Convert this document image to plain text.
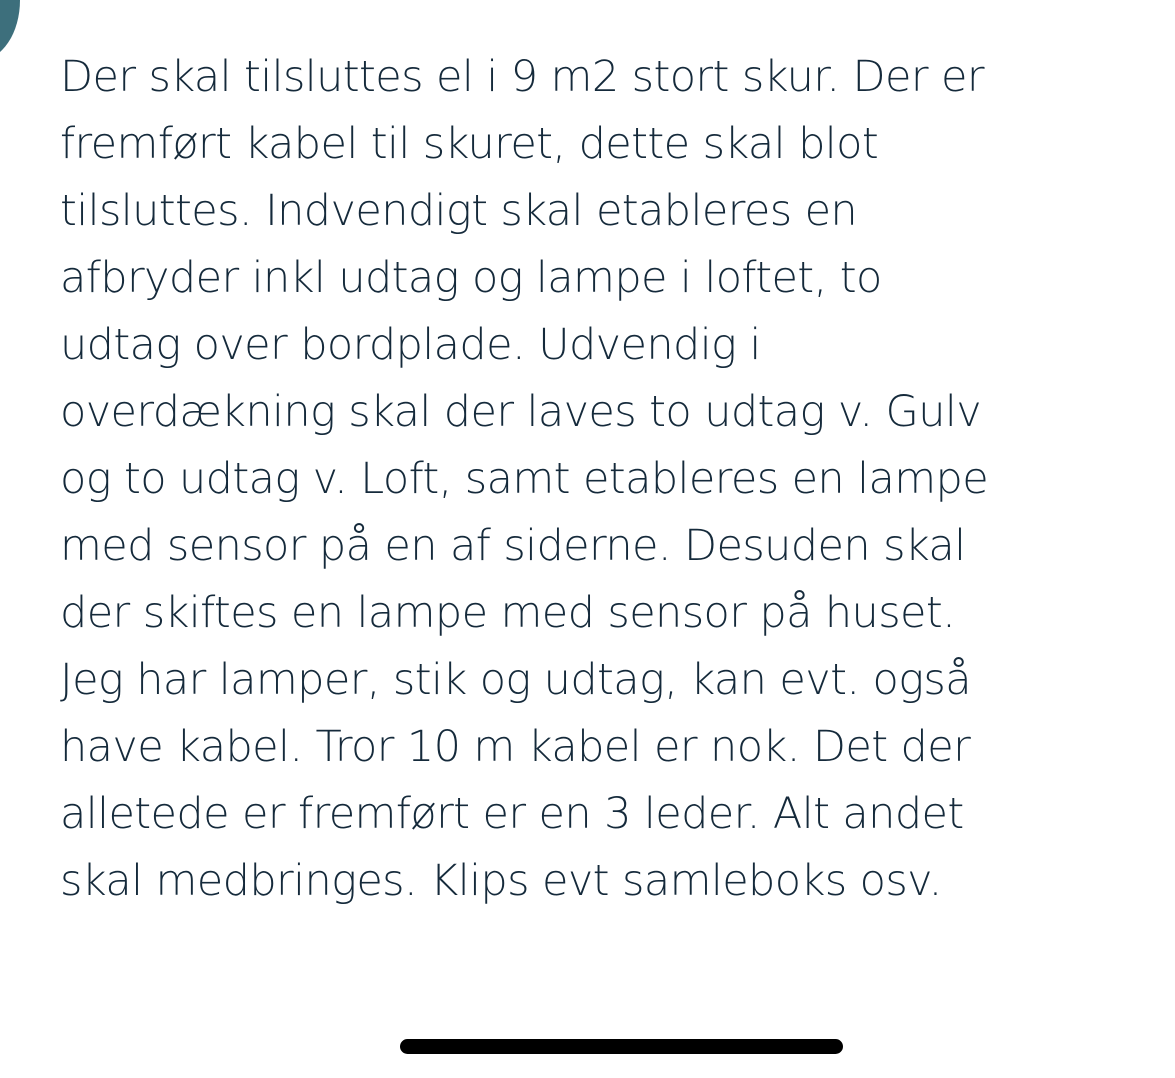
Der skal tilsluttes el i 9 m2 stort skur. Der er
fremført kabel til skuret, dette skal blot
tilsluttes. Indvendigt skal etableres en
afbryder inkl udtag og lampe i loftet, to
udtag over bordplade. Udvendig i
overdækning skal der laves to udtag v. Gulv
og to udtag v. Loft, samt etableres en lampe
med sensor på en af siderne. Desuden skal
der skiftes en lampe med sensor på huset.
Jeg har lamper, stik og udtag, kan evt. også
have kabel. Tror 10 m kabel er nok. Det der
alletede er fremført er en 3 leder. Alt andet
skal medbringes. Klips evt samleboks osv.
